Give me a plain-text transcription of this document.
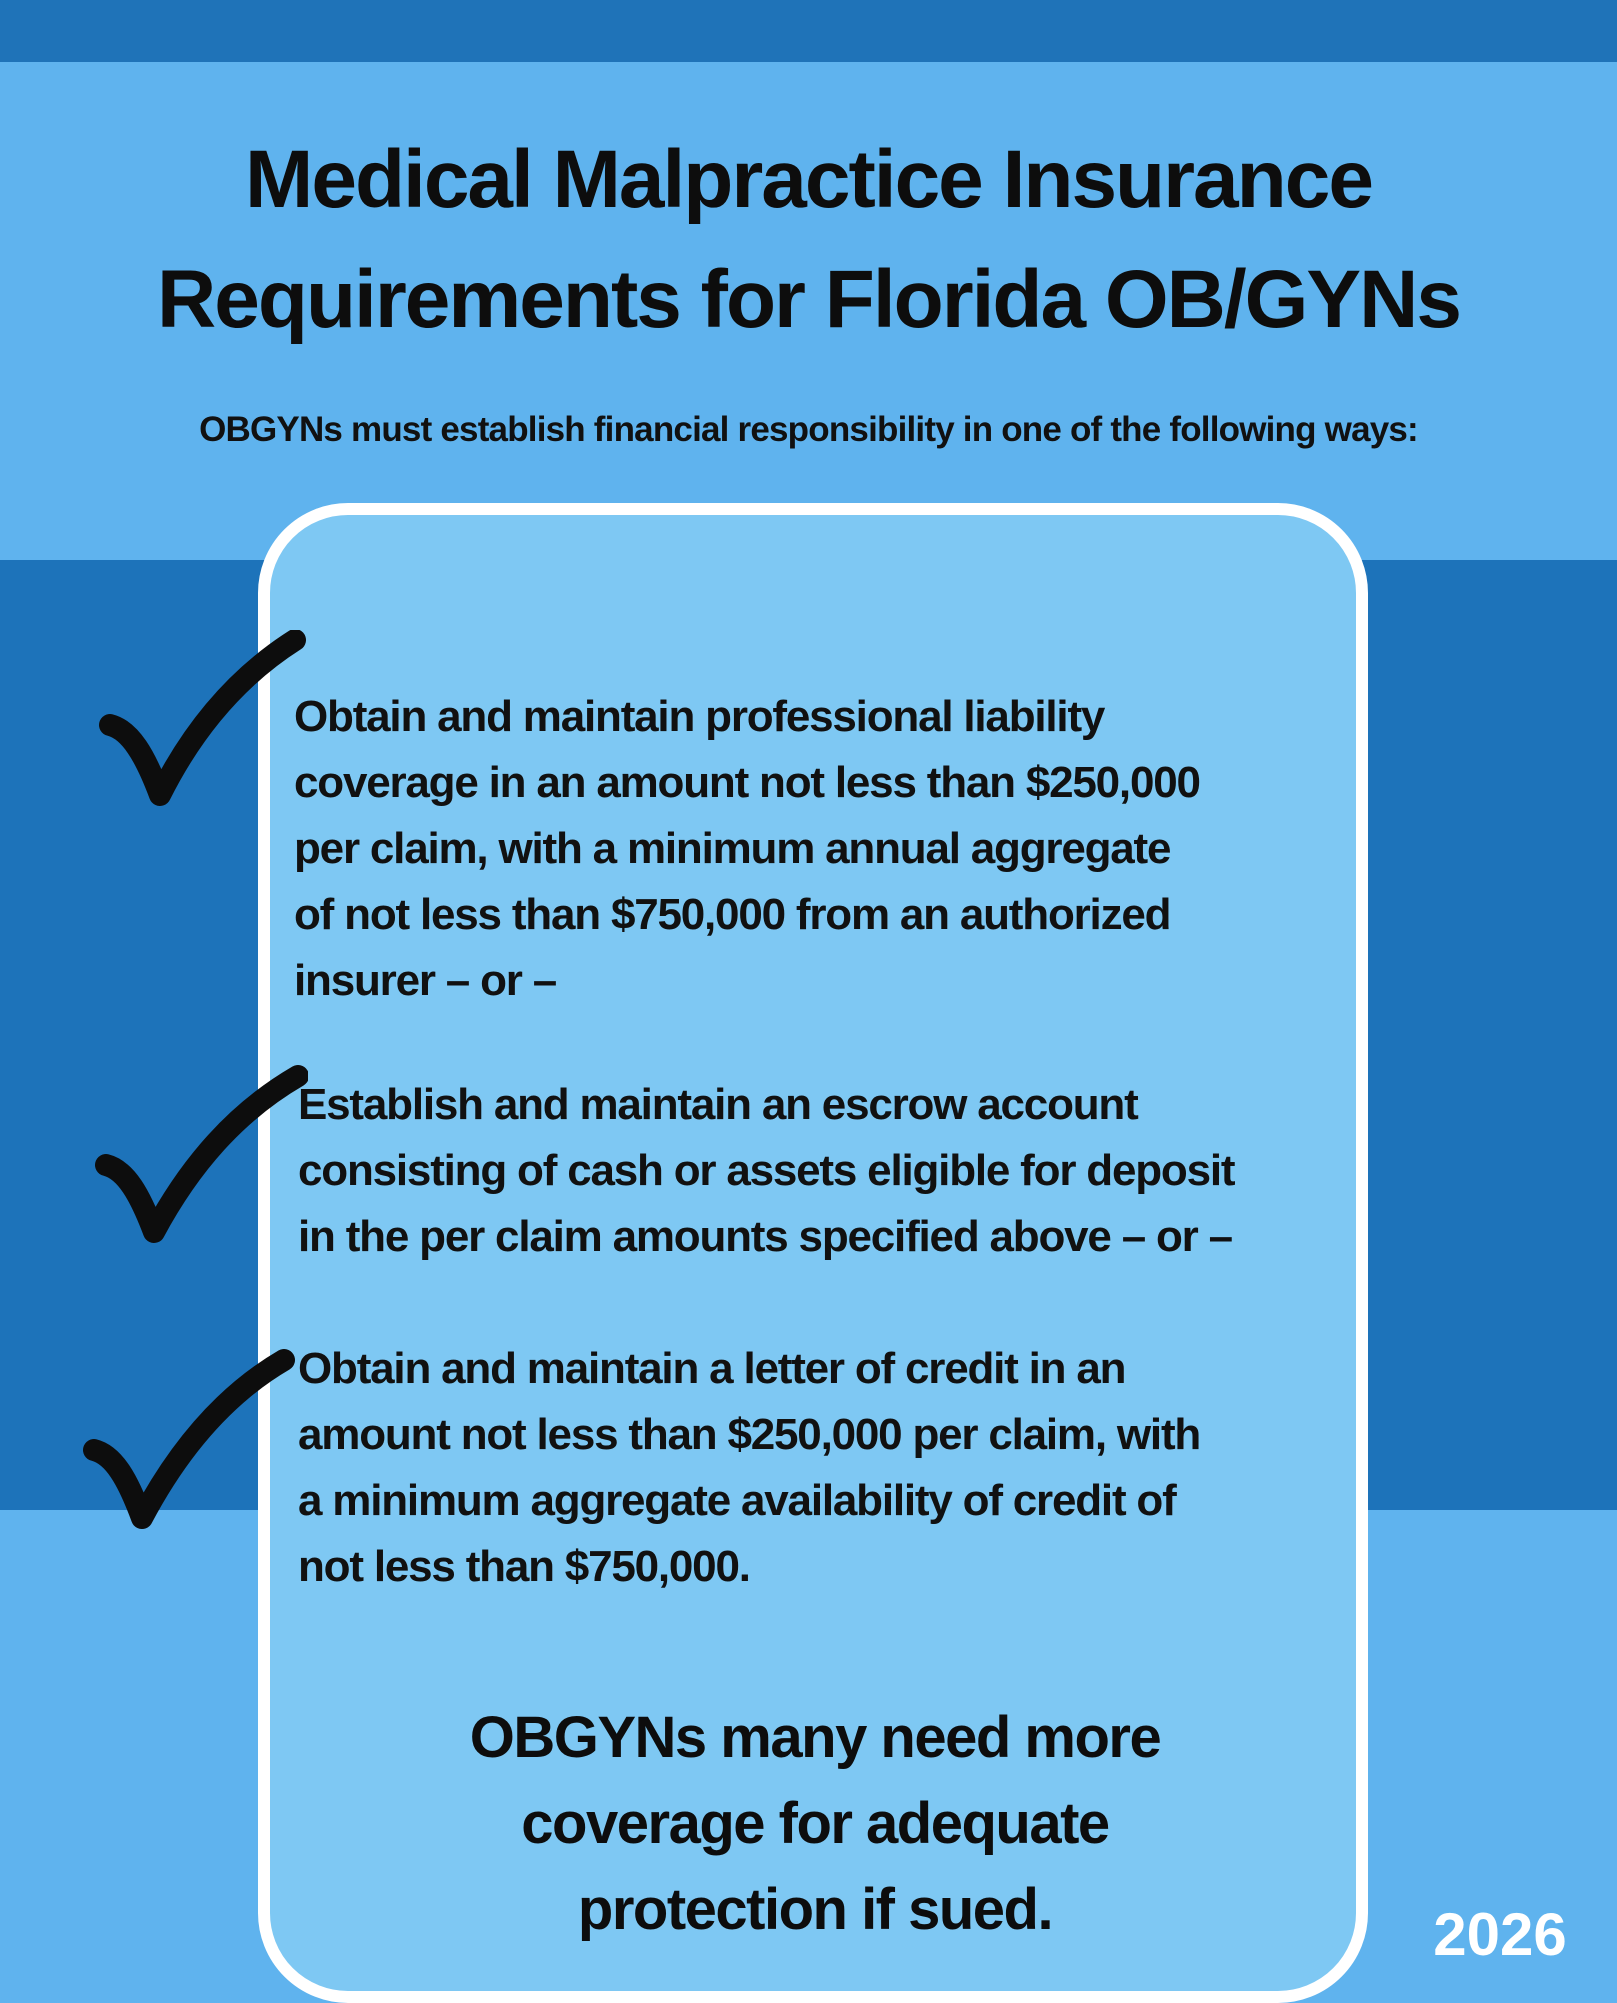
Medical Malpractice Insurance Requirements for Florida OB/GYNs
OBGYNs must establish financial responsibility in one of the following ways:
Obtain and maintain professional liability
coverage in an amount not less than $250,000
per claim, with a minimum annual aggregate
of not less than $750,000 from an authorized
insurer – or –
Establish and maintain an escrow account
consisting of cash or assets eligible for deposit
in the per claim amounts specified above – or –
Obtain and maintain a letter of credit in an
amount not less than $250,000 per claim, with
a minimum aggregate availability of credit of
not less than $750,000.
OBGYNs many need more
coverage for adequate
protection if sued.	2026
